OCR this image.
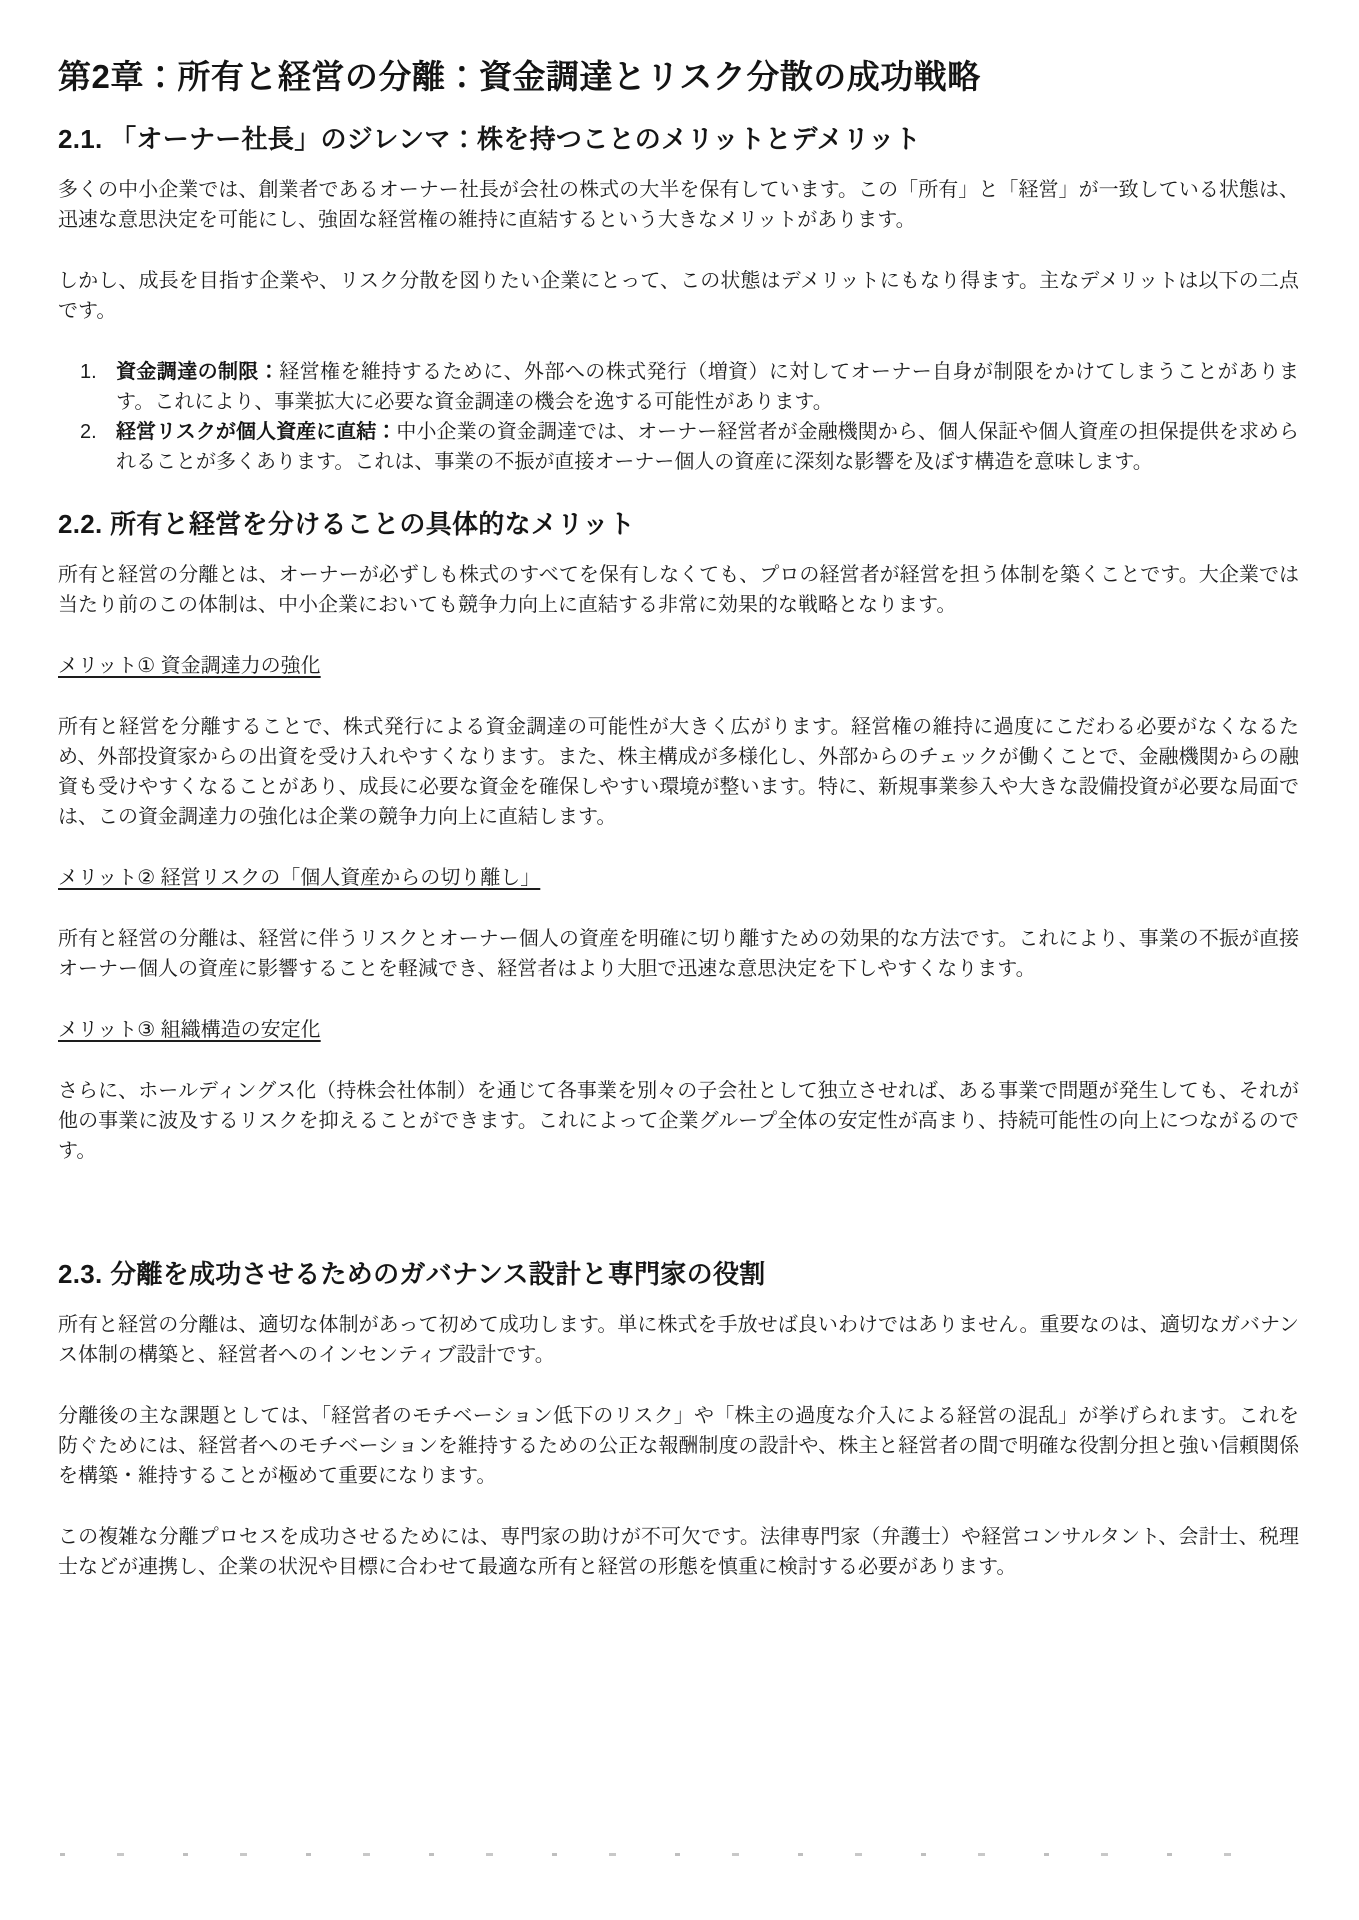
第2章：所有と経営の分離：資金調達とリスク分散の成功戦略
2.1. 「オーナー社長」のジレンマ：株を持つことのメリットとデメリット

多くの中小企業では、創業者であるオーナー社長が会社の株式の大半を保有しています。この「所有」と「経営」が一致している状態は、迅速な意思決定を可能にし、強固な経営権の維持に直結するという大きなメリットがあります。

しかし、成長を目指す企業や、リスク分散を図りたい企業にとって、この状態はデメリットにもなり得ます。主なデメリットは以下の二点です。

1. 資金調達の制限：経営権を維持するために、外部への株式発行（増資）に対してオーナー自身が制限をかけてしまうことがあります。これにより、事業拡大に必要な資金調達の機会を逸する可能性があります。
2. 経営リスクが個人資産に直結：中小企業の資金調達では、オーナー経営者が金融機関から、個人保証や個人資産の担保提供を求められることが多くあります。これは、事業の不振が直接オーナー個人の資産に深刻な影響を及ぼす構造を意味します。
2.2. 所有と経営を分けることの具体的なメリット

所有と経営の分離とは、オーナーが必ずしも株式のすべてを保有しなくても、プロの経営者が経営を担う体制を築くことです。大企業では当たり前のこの体制は、中小企業においても競争力向上に直結する非常に効果的な戦略となります。

メリット① 資金調達力の強化

所有と経営を分離することで、株式発行による資金調達の可能性が大きく広がります。経営権の維持に過度にこだわる必要がなくなるため、外部投資家からの出資を受け入れやすくなります。また、株主構成が多様化し、外部からのチェックが働くことで、金融機関からの融資も受けやすくなることがあり、成長に必要な資金を確保しやすい環境が整います。特に、新規事業参入や大きな設備投資が必要な局面では、この資金調達力の強化は企業の競争力向上に直結します。

メリット② 経営リスクの「個人資産からの切り離し」

所有と経営の分離は、経営に伴うリスクとオーナー個人の資産を明確に切り離すための効果的な方法です。これにより、事業の不振が直接オーナー個人の資産に影響することを軽減でき、経営者はより大胆で迅速な意思決定を下しやすくなります。

メリット③ 組織構造の安定化

さらに、ホールディングス化（持株会社体制）を通じて各事業を別々の子会社として独立させれば、ある事業で問題が発生しても、それが他の事業に波及するリスクを抑えることができます。これによって企業グループ全体の安定性が高まり、持続可能性の向上につながるのです。

2.3. 分離を成功させるためのガバナンス設計と専門家の役割

所有と経営の分離は、適切な体制があって初めて成功します。単に株式を手放せば良いわけではありません。重要なのは、適切なガバナンス体制の構築と、経営者へのインセンティブ設計です。

分離後の主な課題としては、「経営者のモチベーション低下のリスク」や「株主の過度な介入による経営の混乱」が挙げられます。これを防ぐためには、経営者へのモチベーションを維持するための公正な報酬制度の設計や、株主と経営者の間で明確な役割分担と強い信頼関係を構築・維持することが極めて重要になります。

この複雑な分離プロセスを成功させるためには、専門家の助けが不可欠です。法律専門家（弁護士）や経営コンサルタント、会計士、税理士などが連携し、企業の状況や目標に合わせて最適な所有と経営の形態を慎重に検討する必要があります。
